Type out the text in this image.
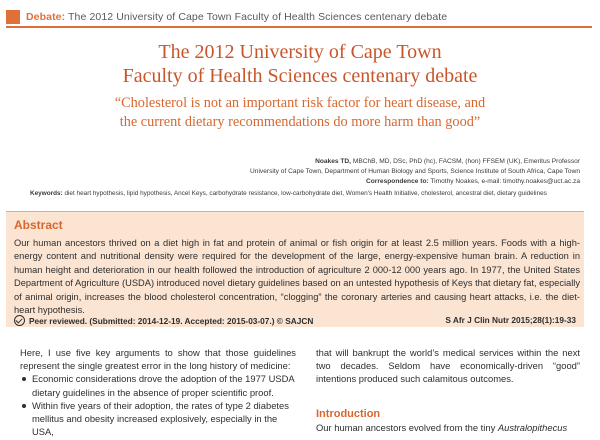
Debate: The 2012 University of Cape Town Faculty of Health Sciences centenary debate
The 2012 University of Cape Town
Faculty of Health Sciences centenary debate
“Cholesterol is not an important risk factor for heart disease, and
the current dietary recommendations do more harm than good”
Noakes TD, MBChB, MD, DSc, PhD (hc), FACSM, (hon) FFSEM (UK), Emeritus Professor
University of Cape Town, Department of Human Biology and Sports, Science Institute of South Africa, Cape Town
Correspondence to: Timothy Noakes, e-mail: timothy.noakes@uct.ac.za
Keywords: diet heart hypothesis, lipid hypothesis, Ancel Keys, carbohydrate resistance, low-carbohydrate diet, Women's Health Initiative, cholesterol, ancestral diet, dietary guidelines
Abstract
Our human ancestors thrived on a diet high in fat and protein of animal or fish origin for at least 2.5 million years. Foods with a high-energy content and nutritional density were required for the development of the large, energy-expensive human brain. A reduction in human height and deterioration in our health followed the introduction of agriculture 2 000-12 000 years ago. In 1977, the United States Department of Agriculture (USDA) introduced novel dietary guidelines based on an untested hypothesis of Keys that dietary fat, especially of animal origin, increases the blood cholesterol concentration, “clogging” the coronary arteries and causing heart attacks, i.e. the diet-heart hypothesis.
Peer reviewed. (Submitted: 2014-12-19. Accepted: 2015-03-07.) © SAJCN	S Afr J Clin Nutr 2015;28(1):19-33

Here, I use five key arguments to show that those guidelines represent the single greatest error in the long history of medicine:

Economic considerations drove the adoption of the 1977 USDA dietary guidelines in the absence of proper scientific proof.
Within five years of their adoption, the rates of type 2 diabetes mellitus and obesity increased explosively, especially in the USA,

that will bankrupt the world’s medical services within the next two decades. Seldom have economically-driven “good” intentions produced such calamitous outcomes.

Introduction

Our human ancestors evolved from the tiny Australopithecus
